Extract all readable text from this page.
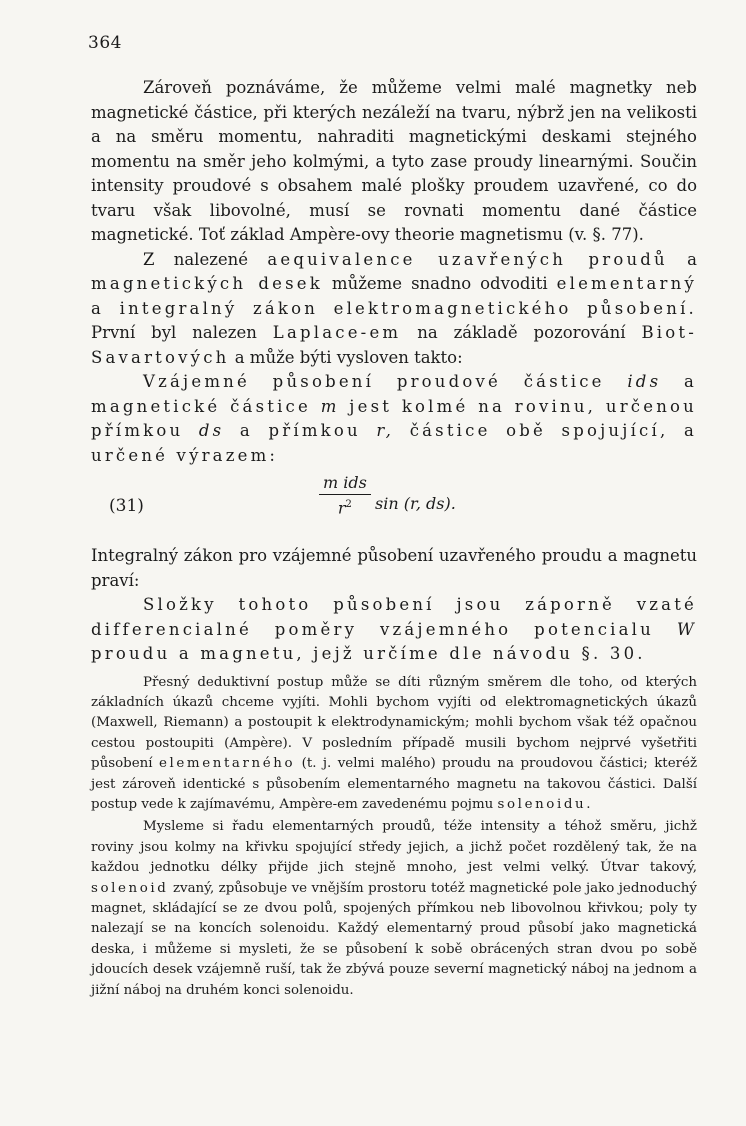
364

Zároveň poznáváme, že můžeme velmi malé magnetky neb magnetické částice, při kterých nezáleží na tvaru, nýbrž jen na velikosti a na směru momentu, nahraditi magnetickými deskami stejného momentu na směr jeho kolmými, a tyto zase proudy linearnými. Součin intensity proudové s obsahem malé plošky proudem uzavřené, co do tvaru však libovolné, musí se rovnati momentu dané částice magnetické. Toť základ Ampère-ovy theorie magnetismu (v. §. 77).

Z nalezené aequivalence uzavřených proudů a magnetických desek můžeme snadno odvoditi elementarný a integralný zákon elektromagnetického působení. První byl nalezen Laplace-em na základě pozorování Biot-Savartových a může býti vysloven takto:

Vzájemné působení proudové částice ids a magnetické částice m jest kolmé na rovinu, určenou přímkou ds a přímkou r, částice obě spojující, a určené výrazem:

(31)
m ids
$r^2$ sin (r, ds).

Integralný zákon pro vzájemné působení uzavřeného proudu a magnetu praví:

Složky tohoto působení jsou záporně vzaté differencialné poměry vzájemného potencialu W proudu a magnetu, jejž určíme dle návodu §. 30.

Přesný deduktivní postup může se díti různým směrem dle toho, od kterých základních úkazů chceme vyjíti. Mohli bychom vyjíti od elektromagnetických úkazů (Maxwell, Riemann) a postoupit k elektrodynamickým; mohli bychom však též opačnou cestou postoupiti (Ampère). V posledním případě musili bychom nejprvé vyšetřiti působení elementarného (t. j. velmi malého) proudu na proudovou částici; kteréž jest zároveň identické s působením elementarného magnetu na takovou částici. Další postup vede k zajímavému, Ampère-em zavedenému pojmu solenoidu.

Mysleme si řadu elementarných proudů, téže intensity a téhož směru, jichž roviny jsou kolmy na křivku spojující středy jejich, a jichž počet rozdělený tak, že na každou jednotku délky přijde jich stejně mnoho, jest velmi velký. Útvar takový, solenoid zvaný, způsobuje ve vnějším prostoru totéž magnetické pole jako jednoduchý magnet, skládající se ze dvou polů, spojených přímkou neb libovolnou křivkou; poly ty nalezají se na koncích solenoidu. Každý elementarný proud působí jako magnetická deska, i můžeme si mysleti, že se působení k sobě obrácených stran dvou po sobě jdoucích desek vzájemně ruší, tak že zbývá pouze severní magnetický náboj na jednom a jižní náboj na druhém konci solenoidu.
